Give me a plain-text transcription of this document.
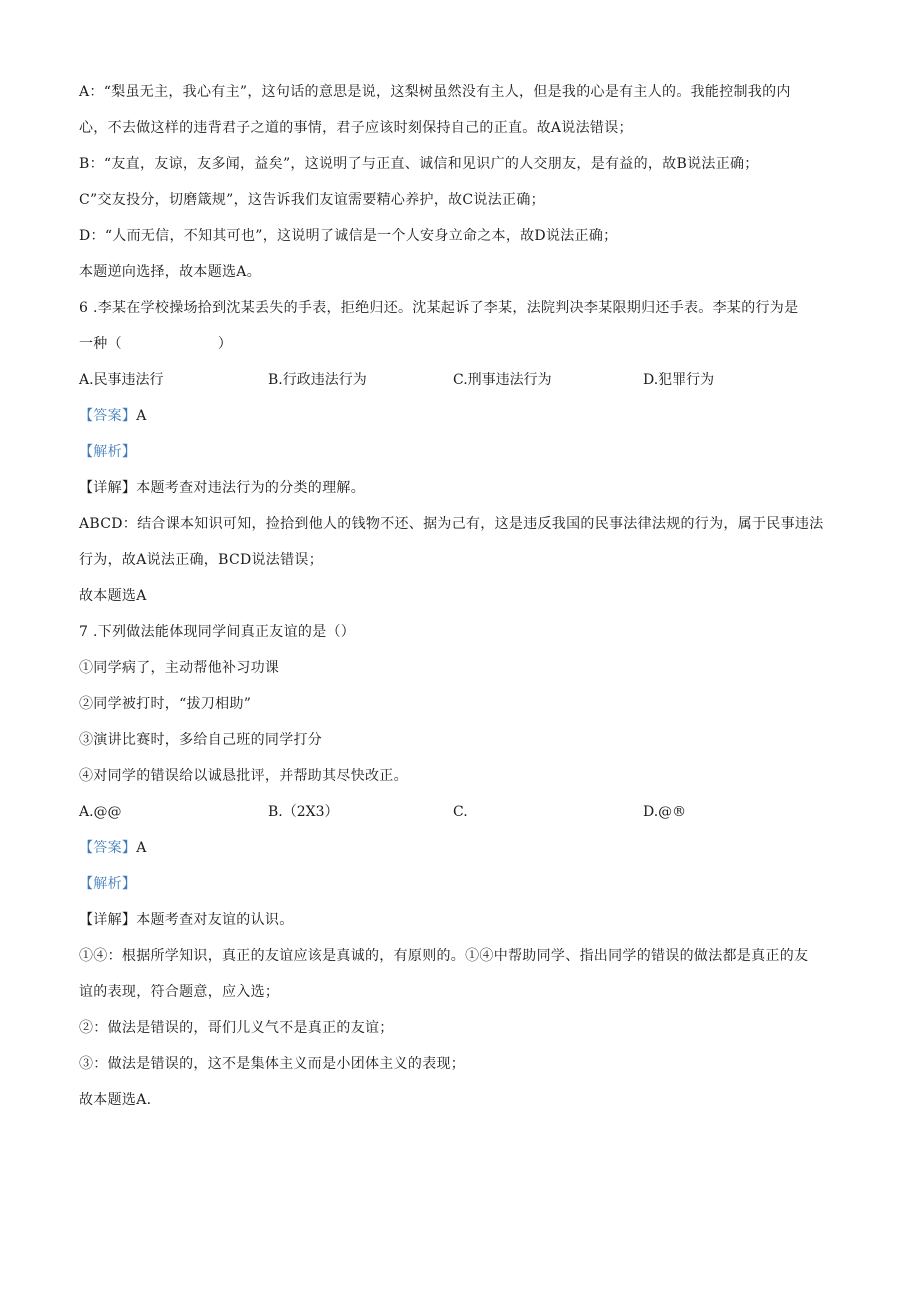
A：“梨虽无主，我心有主”，这句话的意思是说，这梨树虽然没有主人，但是我的心是有主人的。我能控制我的内
心，不去做这样的违背君子之道的事情，君子应该时刻保持自己的正直。故A说法错误；
B：“友直，友谅，友多闻，益矣”，这说明了与正直、诚信和见识广的人交朋友，是有益的，故B说法正确；
C”交友投分，切磨箴规”，这告诉我们友谊需要精心养护，故C说法正确；
D：“人而无信，不知其可也”，这说明了诚信是一个人安身立命之本，故D说法正确；
本题逆向选择，故本题选A。
6 .李某在学校操场拾到沈某丢失的手表，拒绝归还。沈某起诉了李某，法院判决李某限期归还手表。李某的行为是
一种（	）
A.民事违法行	B.行政违法行为	C.刑事违法行为	D.犯罪行为
【答案】A
【解析】
【详解】本题考查对违法行为的分类的理解。
ABCD：结合课本知识可知，捡拾到他人的钱物不还、据为己有，这是违反我国的民事法律法规的行为，属于民事违法
行为，故A说法正确，BCD说法错误；
故本题选A
7 .下列做法能体现同学间真正友谊的是（）
①同学病了，主动帮他补习功课
②同学被打时，“拔刀相助”
③演讲比赛时，多给自己班的同学打分
④对同学的错误给以诚恳批评，并帮助其尽快改正。
A.@@	B.（2X3）	C.	D.@®
【答案】A
【解析】
【详解】本题考查对友谊的认识。
①④：根据所学知识，真正的友谊应该是真诚的，有原则的。①④中帮助同学、指出同学的错误的做法都是真正的友
谊的表现，符合题意，应入选；
②：做法是错误的，哥们儿义气不是真正的友谊；
③：做法是错误的，这不是集体主义而是小团体主义的表现；
故本题选A.
